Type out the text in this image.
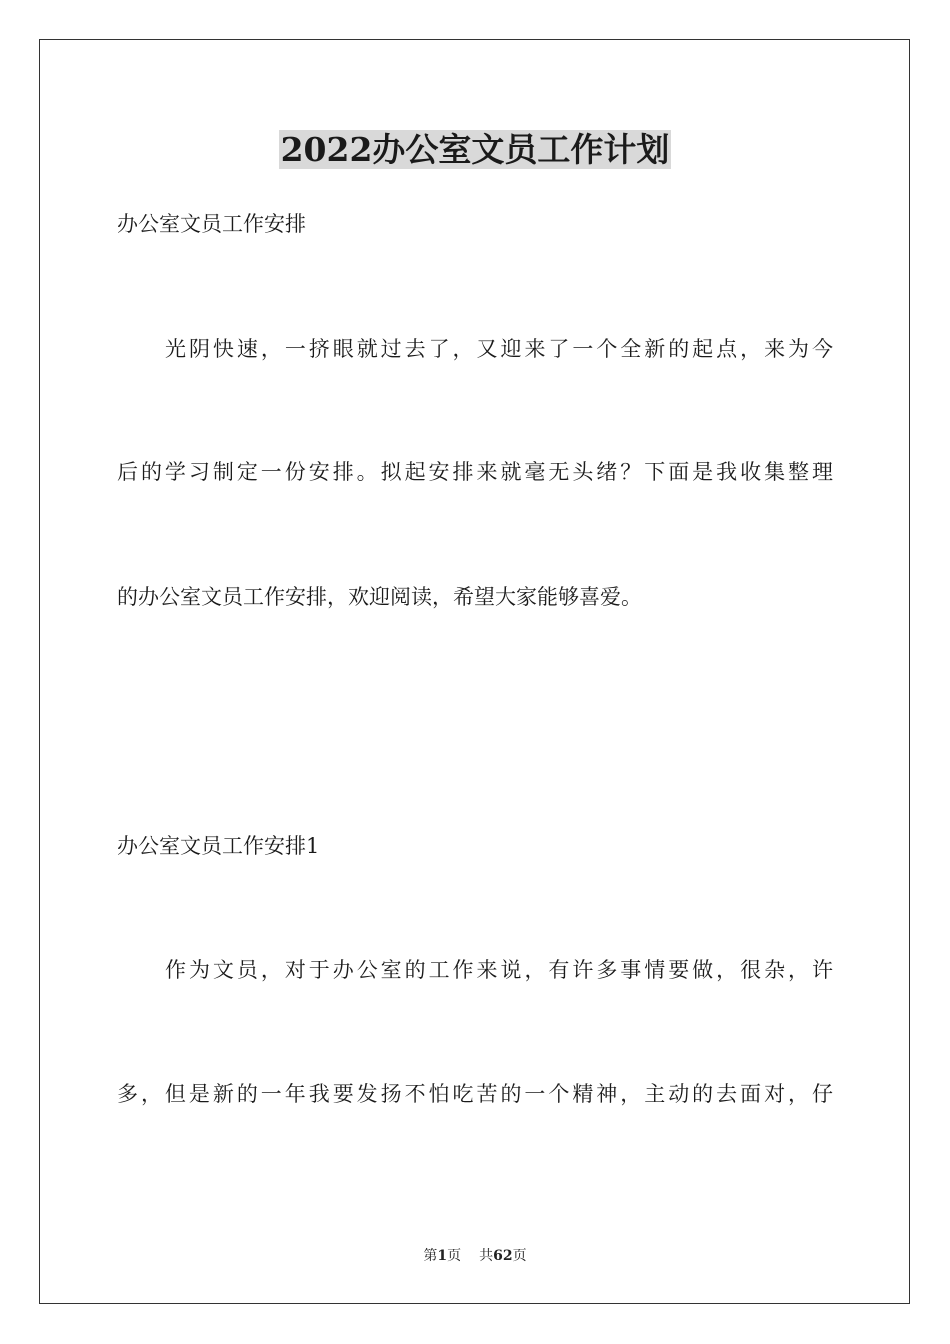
2022办公室文员工作计划

办公室文员工作安排

光阴快速，一挤眼就过去了，又迎来了一个全新的起点，来为今

后的学习制定一份安排。拟起安排来就毫无头绪？下面是我收集整理

的办公室文员工作安排，欢迎阅读，希望大家能够喜爱。

办公室文员工作安排1

作为文员，对于办公室的工作来说，有许多事情要做，很杂，许

多，但是新的一年我要发扬不怕吃苦的一个精神，主动的去面对，仔

第1页 共62页
